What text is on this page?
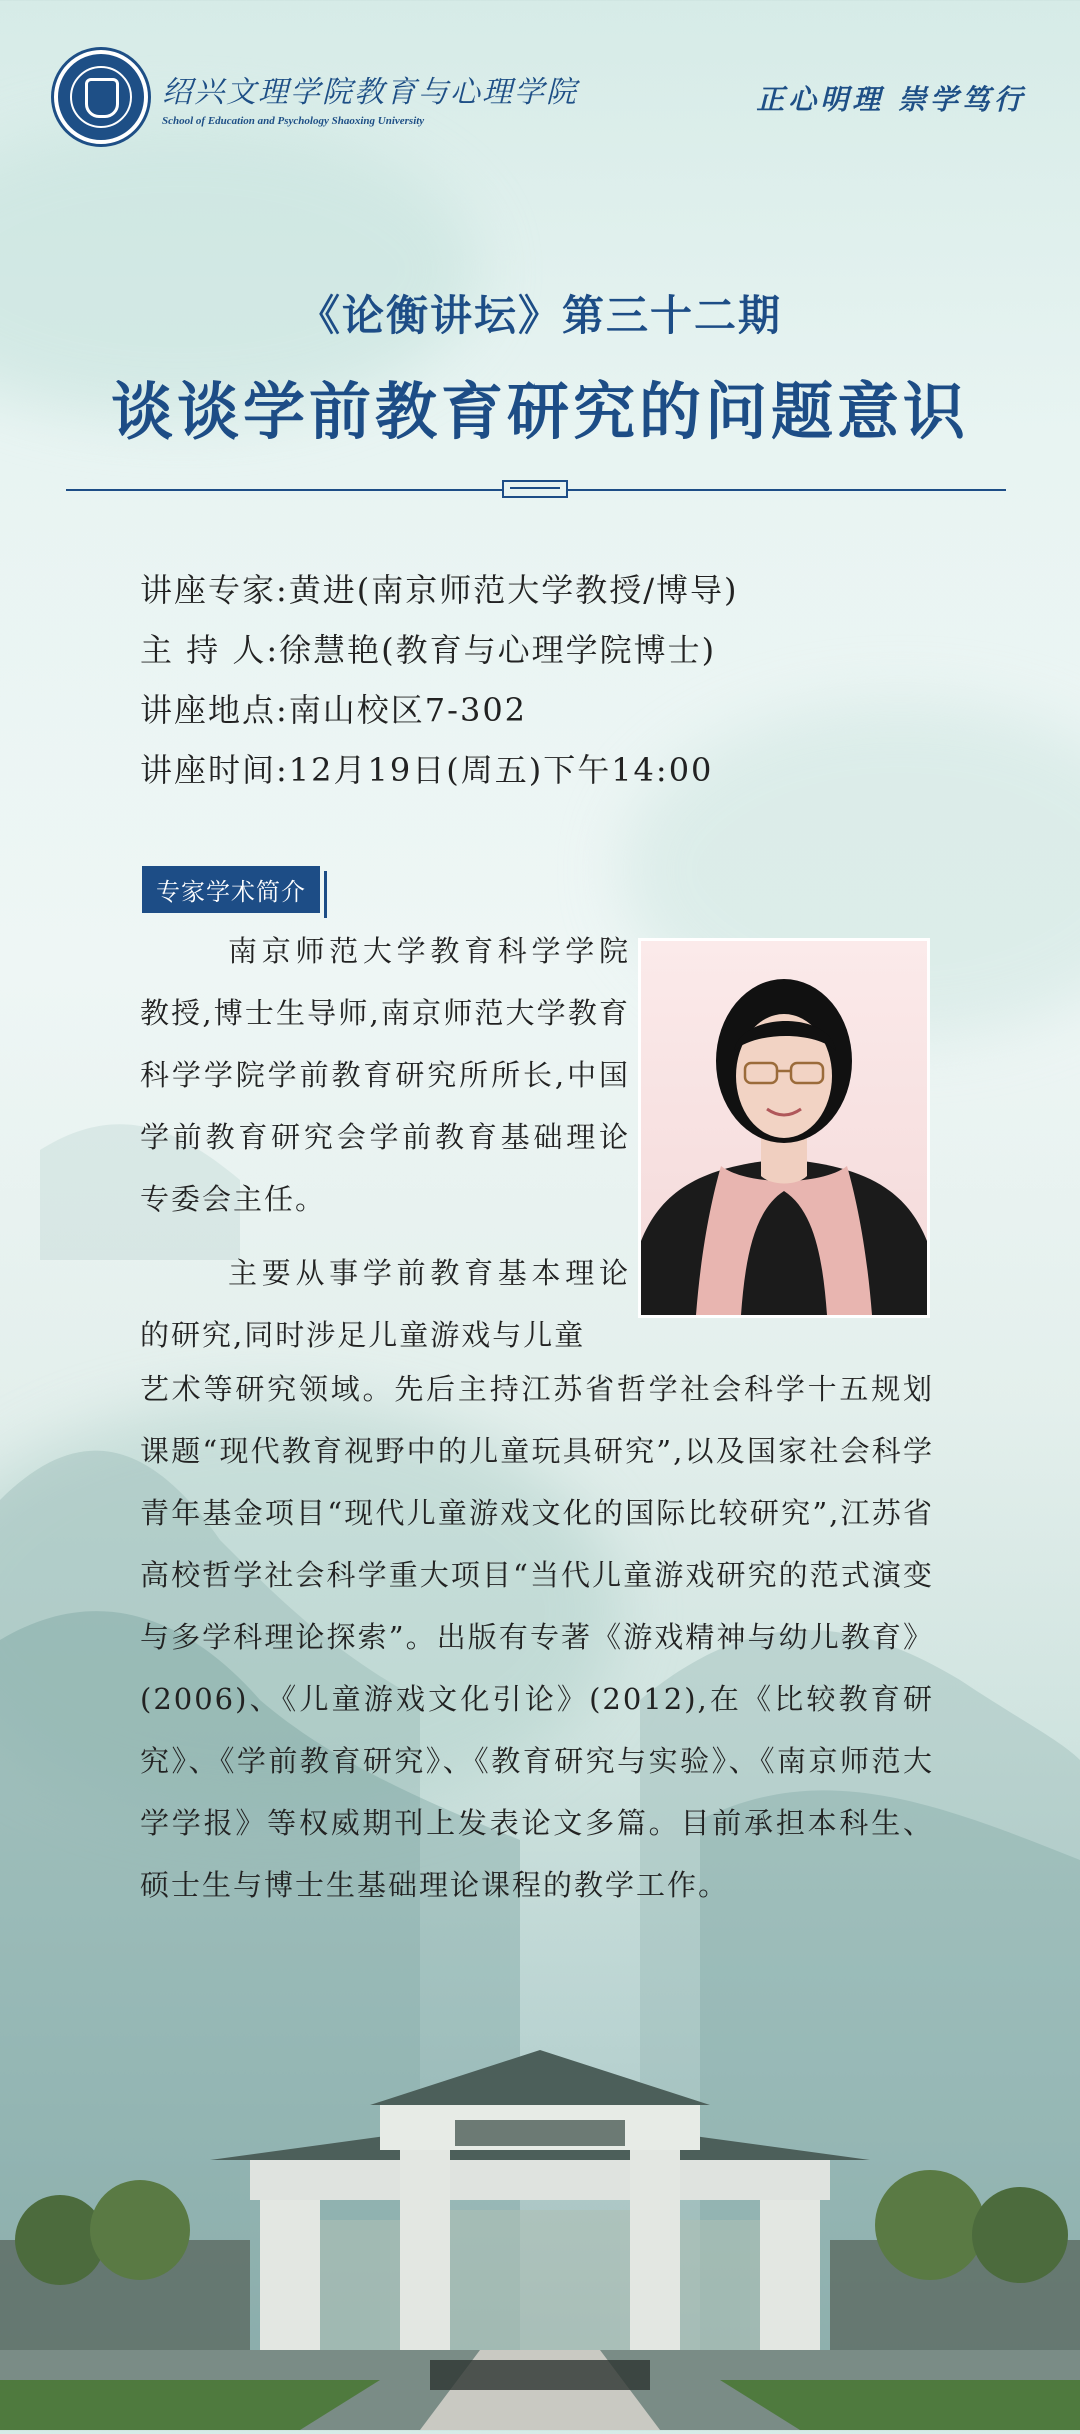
绍兴文理学院教育与心理学院
School of Education and Psychology Shaoxing University
正心明理 崇学笃行
《论衡讲坛》第三十二期
谈谈学前教育研究的问题意识
讲座专家:黄进(南京师范大学教授/博导)
主 持 人:徐慧艳(教育与心理学院博士)
讲座地点:南山校区7-302
讲座时间:12月19日(周五)下午14:00
专家学术简介

南京师范大学教育科学学院教授,博士生导师,南京师范大学教育科学学院学前教育研究所所长,中国学前教育研究会学前教育基础理论专委会主任。

主要从事学前教育基本理论的研究,同时涉足儿童游戏与儿童

艺术等研究领域。先后主持江苏省哲学社会科学十五规划课题“现代教育视野中的儿童玩具研究”,以及国家社会科学青年基金项目“现代儿童游戏文化的国际比较研究”,江苏省高校哲学社会科学重大项目“当代儿童游戏研究的范式演变与多学科理论探索”。出版有专著《游戏精神与幼儿教育》(2006)、《儿童游戏文化引论》(2012),在《比较教育研究》、《学前教育研究》、《教育研究与实验》、《南京师范大学学报》等权威期刊上发表论文多篇。目前承担本科生、硕士生与博士生基础理论课程的教学工作。
